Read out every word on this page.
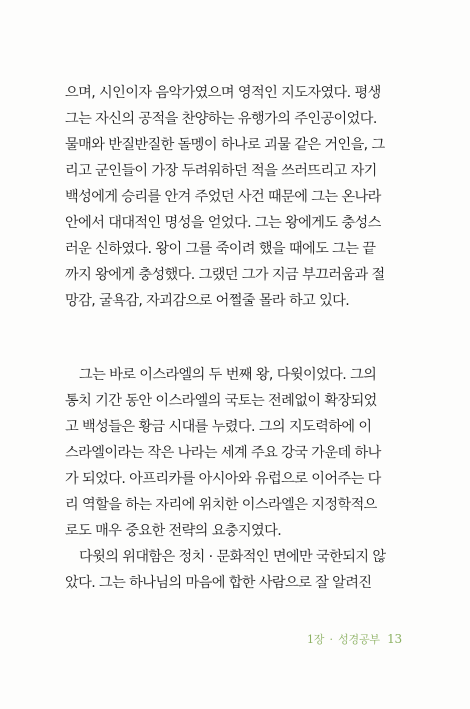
으며, 시인이자 음악가였으며 영적인 지도자였다. 평생
그는 자신의 공적을 찬양하는 유행가의 주인공이었다.
물매와 반질반질한 돌멩이 하나로 괴물 같은 거인을, 그
리고 군인들이 가장 두려워하던 적을 쓰러뜨리고 자기
백성에게 승리를 안겨 주었던 사건 때문에 그는 온나라
안에서 대대적인 명성을 얻었다. 그는 왕에게도 충성스
러운 신하였다. 왕이 그를 죽이려 했을 때에도 그는 끝
까지 왕에게 충성했다. 그랬던 그가 지금 부끄러움과 절
망감, 굴욕감, 자괴감으로 어쩔줄 몰라 하고 있다.
그는 바로 이스라엘의 두 번째 왕, 다윗이었다. 그의
통치 기간 동안 이스라엘의 국토는 전례없이 확장되었
고 백성들은 황금 시대를 누렸다. 그의 지도력하에 이
스라엘이라는 작은 나라는 세계 주요 강국 가운데 하나
가 되었다. 아프리카를 아시아와 유럽으로 이어주는 다
리 역할을 하는 자리에 위치한 이스라엘은 지정학적으
로도 매우 중요한 전략의 요충지였다.
다윗의 위대함은 정치 · 문화적인 면에만 국한되지 않
았다. 그는 하나님의 마음에 합한 사람으로 잘 알려진
1장 · 성경공부 13
